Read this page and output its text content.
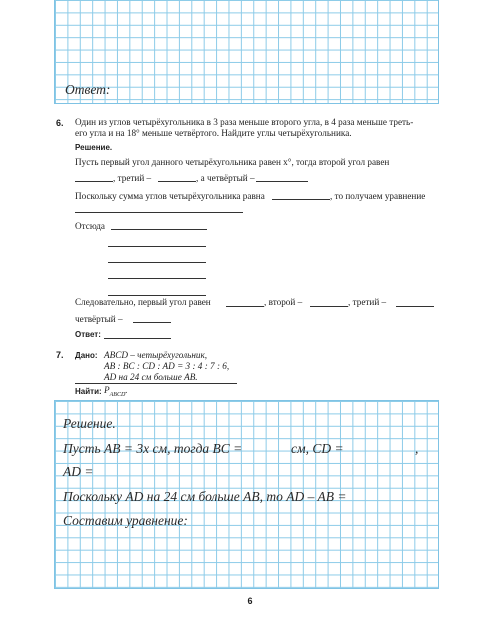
Ответ:
6. Один из углов четырёхугольника в 3 раза меньше второго угла, в 4 раза меньше треть-
его угла и на 18° меньше четвёртого. Найдите углы четырёхугольника.
Решение.
Пусть первый угол данного четырёхугольника равен x°, тогда второй угол равен
, третий –	, а четвёртый –
Поскольку сумма углов четырёхугольника равна	, то получаем уравнение
Отсюда
Следовательно, первый угол равен	, второй –	, третий –
четвёртый –
Ответ:
7. Дано: ABCD – четырёхугольник,
AB : BC : CD : AD = 3 : 4 : 7 : 6,
AD на 24 см больше AB.
Найти: $P_{ABCD}$.
Решение.
Пусть AB = 3x см, тогда BC =	см, CD =	,
AD =
Поскольку AD на 24 см больше AB, то AD – AB =
Составим уравнение:
6
